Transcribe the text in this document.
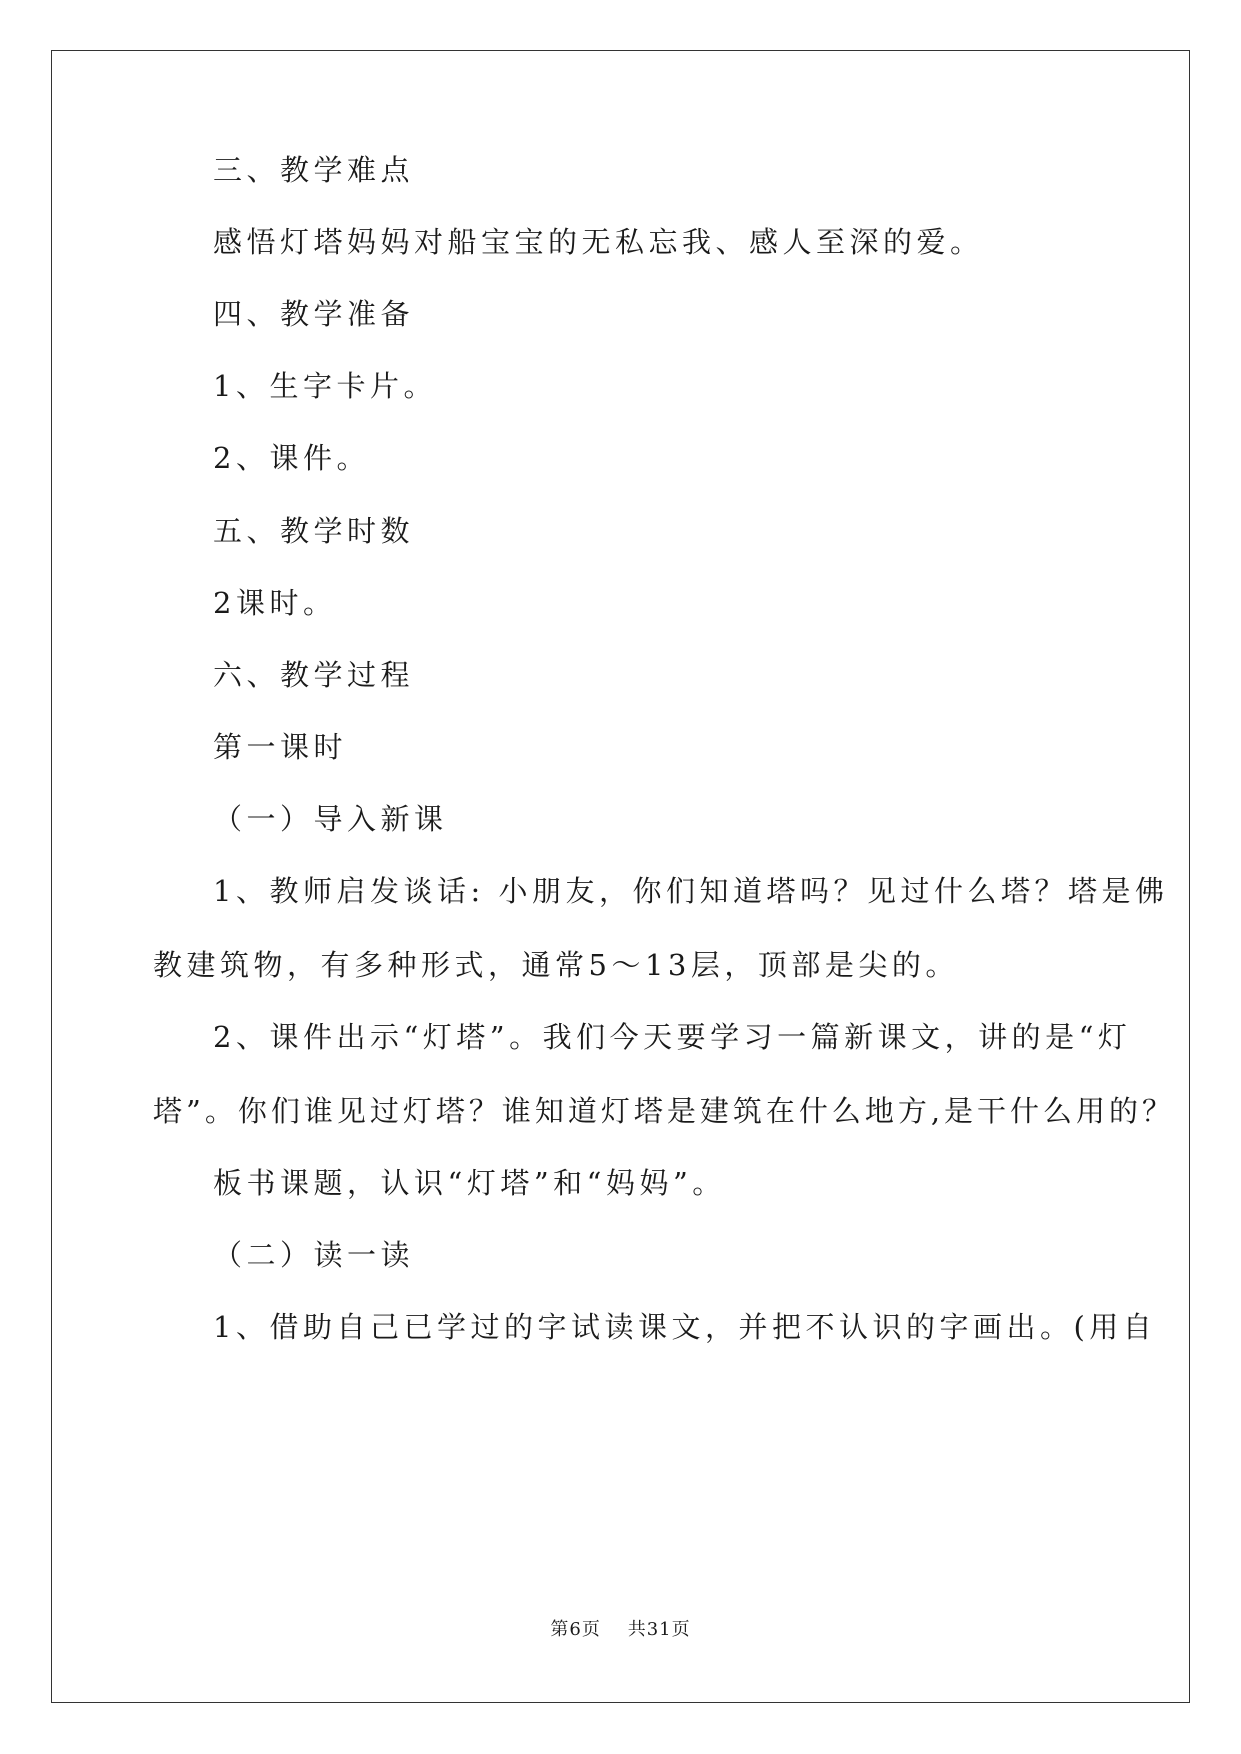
三、教学难点
感悟灯塔妈妈对船宝宝的无私忘我、感人至深的爱。
四、教学准备
1、生字卡片。
2、课件。
五、教学时数
2课时。
六、教学过程
第一课时
（一）导入新课
1、教师启发谈话: 小朋友，你们知道塔吗？见过什么塔？塔是佛
教建筑物，有多种形式，通常5～13层，顶部是尖的。
2、课件出示“灯塔”。我们今天要学习一篇新课文，讲的是“灯
塔”。你们谁见过灯塔？谁知道灯塔是建筑在什么地方,是干什么用的？
板书课题，认识“灯塔”和“妈妈”。
（二）读一读
1、借助自己已学过的字试读课文，并把不认识的字画出。(用自
第6页    共31页
